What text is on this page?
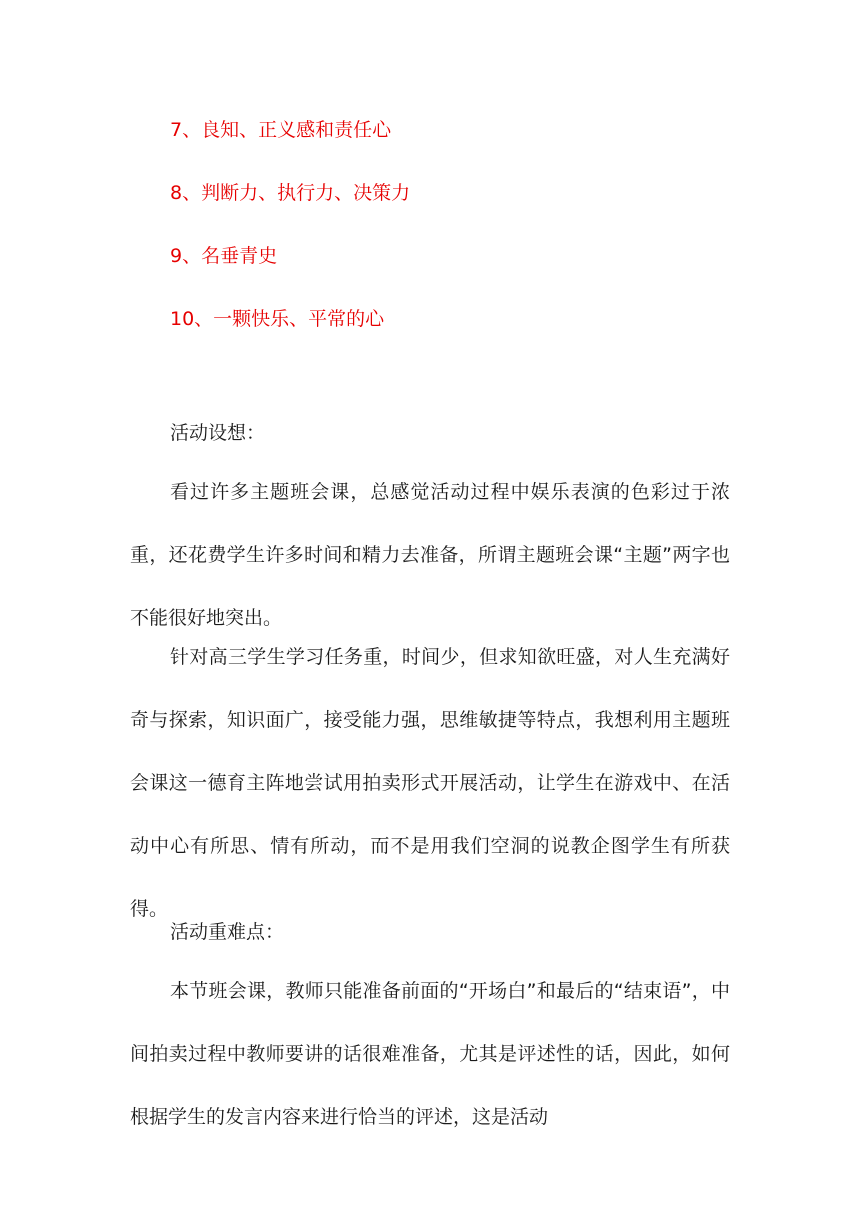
7、良知、正义感和责任心
8、判断力、执行力、决策力
9、名垂青史
10、一颗快乐、平常的心
活动设想：

看过许多主题班会课，总感觉活动过程中娱乐表演的色彩过于浓重，还花费学生许多时间和精力去准备，所谓主题班会课“主题”两字也不能很好地突出。

针对高三学生学习任务重，时间少，但求知欲旺盛，对人生充满好奇与探索，知识面广，接受能力强，思维敏捷等特点，我想利用主题班会课这一德育主阵地尝试用拍卖形式开展活动，让学生在游戏中、在活动中心有所思、情有所动，而不是用我们空洞的说教企图学生有所获得。

活动重难点：

本节班会课，教师只能准备前面的“开场白”和最后的“结束语”，中间拍卖过程中教师要讲的话很难准备，尤其是评述性的话，因此，如何根据学生的发言内容来进行恰当的评述，这是活动
